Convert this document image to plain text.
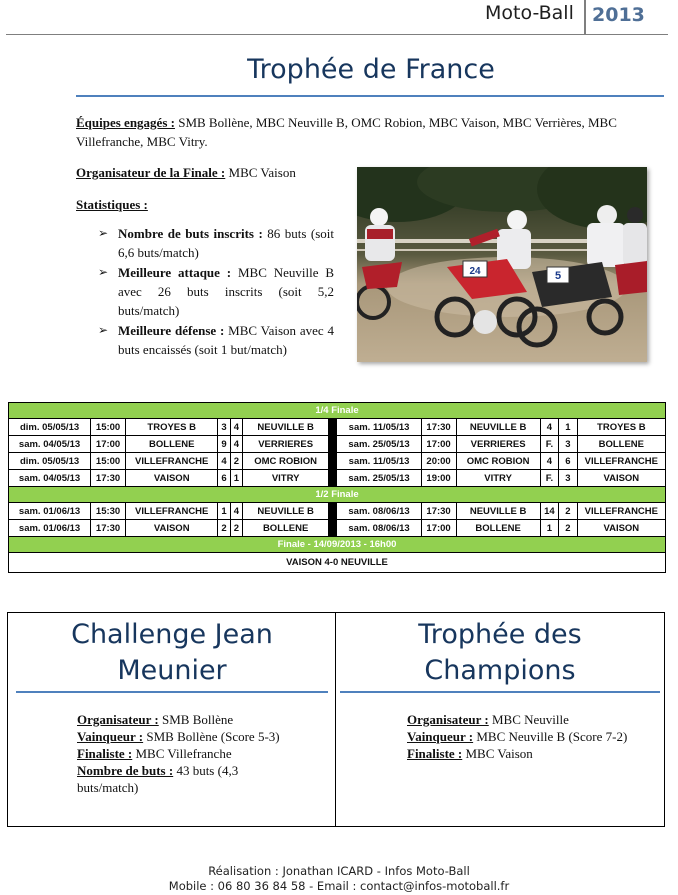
Moto-Ball 2013
Trophée de France

Équipes engagés : SMB Bollène, MBC Neuville B, OMC Robion, MBC Vaison, MBC Verrières, MBC Villefranche, MBC Vitry.

Organisateur de la Finale : MBC Vaison

Statistiques :

➢ Nombre de buts inscrits : 86 buts (soit 6,6 buts/match)
➢ Meilleure attaque : MBC Neuville B avec 26 buts inscrits (soit 5,2 buts/match)
➢ Meilleure défense : MBC Vaison avec 4 buts encaissés (soit 1 but/match)
24	5
1/4 Finale												
dim. 05/05/13	15:00	TROYES B	3	4	NEUVILLE B		sam. 11/05/13	17:30	NEUVILLE B	4	1	TROYES B
sam. 04/05/13	17:00	BOLLENE	9	4	VERRIERES		sam. 25/05/13	17:00	VERRIERES	F.	3	BOLLENE
dim. 05/05/13	15:00	VILLEFRANCHE	4	2	OMC ROBION		sam. 11/05/13	20:00	OMC ROBION	4	6	VILLEFRANCHE
sam. 04/05/13	17:30	VAISON	6	1	VITRY		sam. 25/05/13	19:00	VITRY	F.	3	VAISON
1/2 Finale												
sam. 01/06/13	15:30	VILLEFRANCHE	1	4	NEUVILLE B		sam. 08/06/13	17:30	NEUVILLE B	14	2	VILLEFRANCHE
sam. 01/06/13	17:30	VAISON	2	2	BOLLENE		sam. 08/06/13	17:00	BOLLENE	1	2	VAISON
Finale - 14/09/2013 - 16h00												
VAISON 4-0 NEUVILLE												
Challenge Jean
Meunier
Organisateur : SMB Bollène
Vainqueur : SMB Bollène (Score 5-3)
Finaliste : MBC Villefranche
Nombre de buts : 43 buts (4,3
buts/match)
Trophée des
Champions
Organisateur : MBC Neuville
Vainqueur : MBC Neuville B (Score 7-2)
Finaliste : MBC Vaison
Réalisation : Jonathan ICARD - Infos Moto-Ball
Mobile : 06 80 36 84 58 - Email : contact@infos-motoball.fr
